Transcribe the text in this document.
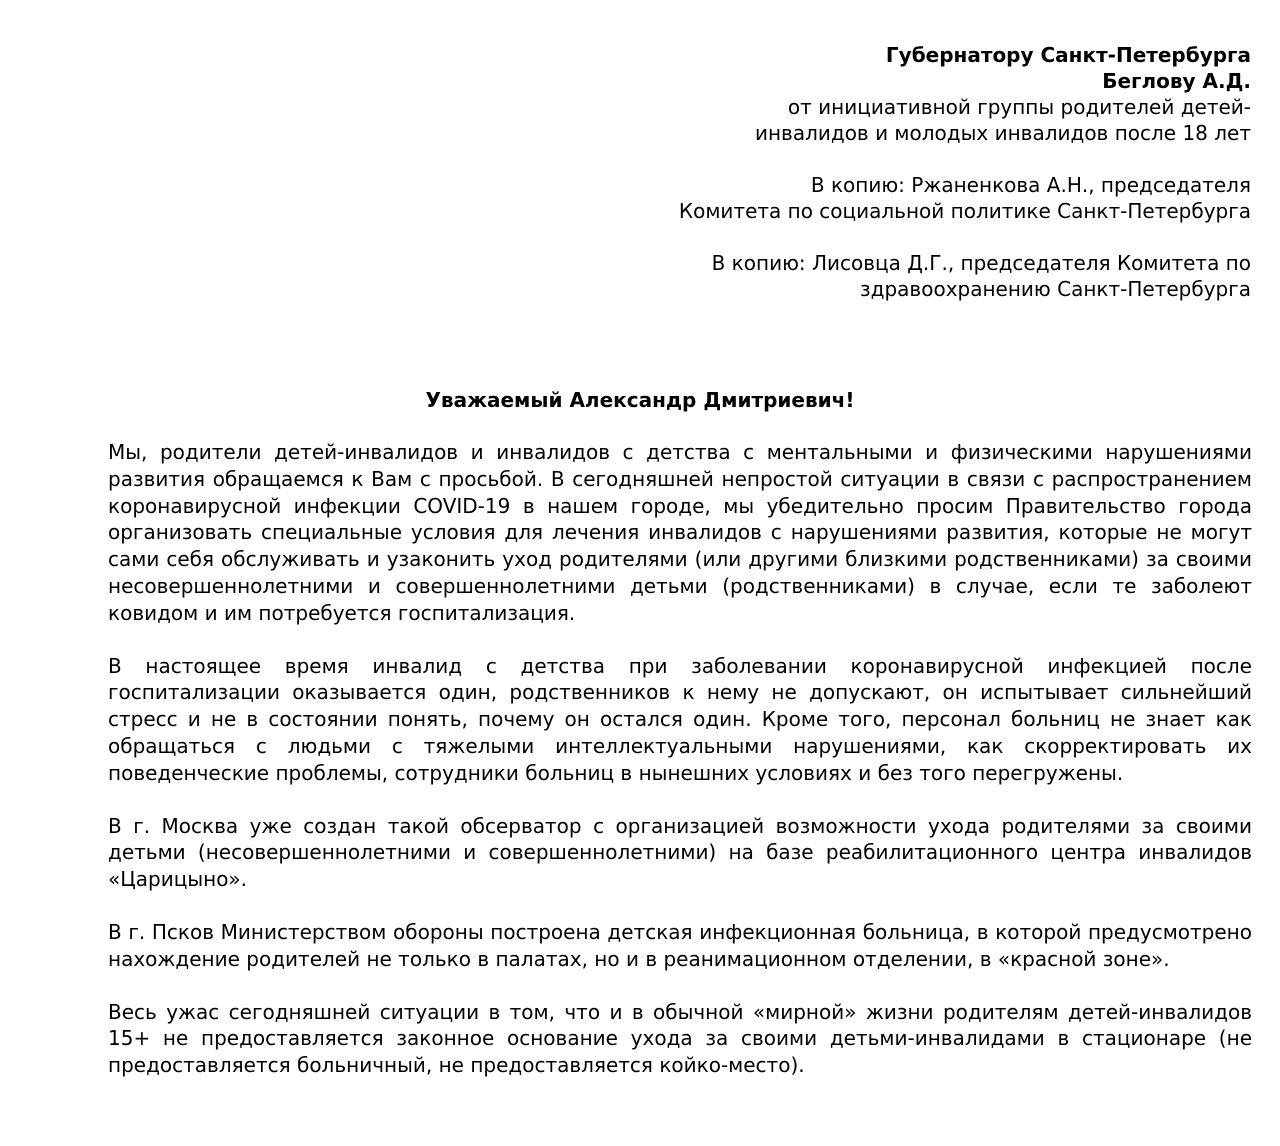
Губернатору Санкт-Петербурга

Беглову А.Д.

от инициативной группы родителей детей-

инвалидов и молодых инвалидов после 18 лет

В копию: Ржаненкова А.Н., председателя

Комитета по социальной политике Санкт-Петербурга

В копию: Лисовца Д.Г., председателя Комитета по

здравоохранению Санкт-Петербурга

Уважаемый Александр Дмитриевич!

Мы, родители детей-инвалидов и инвалидов с детства с ментальными и физическими нарушениями развития обращаемся к Вам с просьбой. В сегодняшней непростой ситуации в связи с распространением коронавирусной инфекции COVID-19 в нашем городе, мы убедительно просим Правительство города организовать специальные условия для лечения инвалидов с нарушениями развития, которые не могут сами себя обслуживать и узаконить уход родителями (или другими близкими родственниками) за своими несовершеннолетними и совершеннолетними детьми (родственниками) в случае, если те заболеют ковидом и им потребуется госпитализация.

В настоящее время инвалид с детства при заболевании коронавирусной инфекцией после госпитализации оказывается один, родственников к нему не допускают, он испытывает сильнейший стресс и не в состоянии понять, почему он остался один. Кроме того, персонал больниц не знает как обращаться с людьми с тяжелыми интеллектуальными нарушениями, как скорректировать их поведенческие проблемы, сотрудники больниц в нынешних условиях и без того перегружены.

В г. Москва уже создан такой обсерватор с организацией возможности ухода родителями за своими детьми (несовершеннолетними и совершеннолетними) на базе реабилитационного центра инвалидов «Царицыно».

В г. Псков Министерством обороны построена детская инфекционная больница, в которой предусмотрено нахождение родителей не только в палатах, но и в реанимационном отделении, в «красной зоне».

Весь ужас сегодняшней ситуации в том, что и в обычной «мирной» жизни родителям детей-инвалидов 15+ не предоставляется законное основание ухода за своими детьми-инвалидами в стационаре (не предоставляется больничный, не предоставляется койко-место).
